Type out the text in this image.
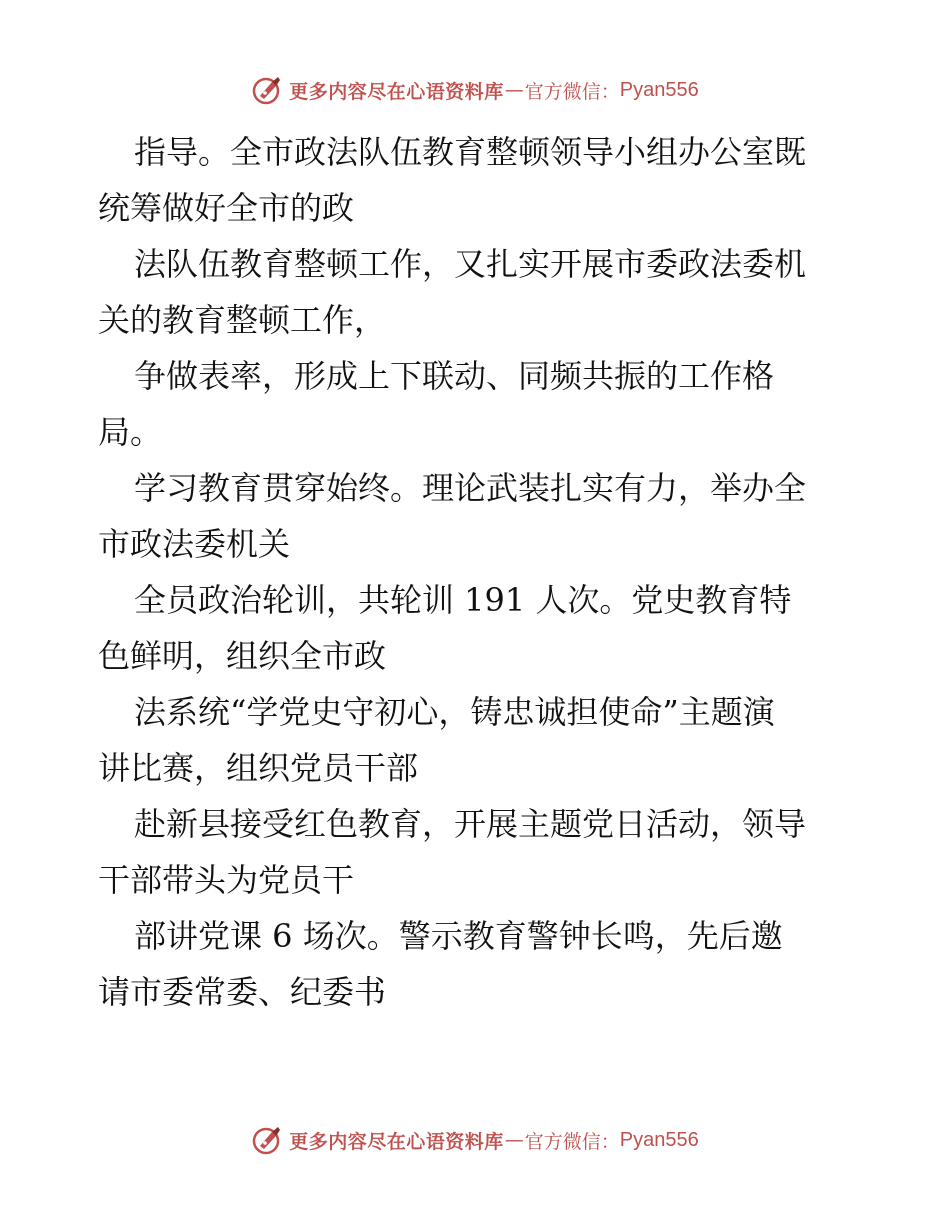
更多内容尽在心语资料库 — 官方微信： Pyan556
指导。全市政法队伍教育整顿领导小组办公室既
统筹做好全市的政
法队伍教育整顿工作，又扎实开展市委政法委机
关的教育整顿工作，
争做表率，形成上下联动、同频共振的工作格
局。
学习教育贯穿始终。理论武装扎实有力，举办全
市政法委机关
全员政治轮训，共轮训 191 人次。党史教育特
色鲜明，组织全市政
法系统“学党史守初心，铸忠诚担使命”主题演
讲比赛，组织党员干部
赴新县接受红色教育，开展主题党日活动，领导
干部带头为党员干
部讲党课 6 场次。警示教育警钟长鸣，先后邀
请市委常委、纪委书
更多内容尽在心语资料库 — 官方微信： Pyan556
